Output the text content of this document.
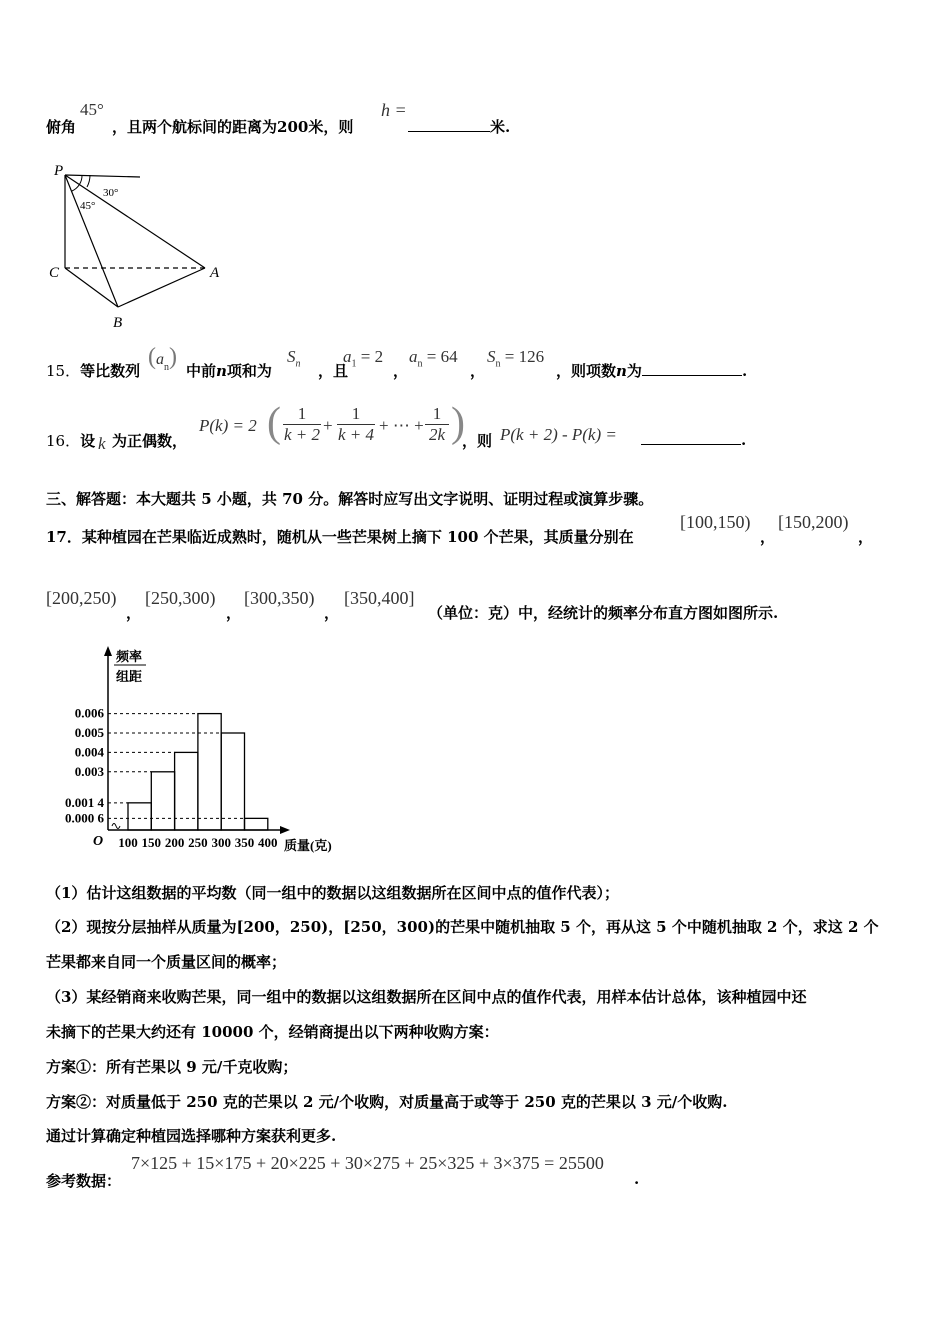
俯角
45°
，且两个航标间的距离为200米，则
h =
米.
P
C	A
B
30°
45°
15．等比数列
$(a_n)$
中前n项和为
$S_n$ ，且
$a_1 = 2$
，
$a_n = 64$
，
$S_n = 126$
，则项数n为	.
16．设 k 为正偶数，
P(k) = 2 ( 1
k + 2 +
1
k + 4 + ⋯ +
1
2k )
，则 P(k + 2) - P(k) =	.
三、解答题：本大题共 5 小题，共 70 分。解答时应写出文字说明、证明过程或演算步骤。
17．某种植园在芒果临近成熟时，随机从一些芒果树上摘下 100 个芒果，其质量分别在
[100,150)
，
[150,200)
，
[200,250)
，
[250,300)
，
[300,350)
，
[350,400]
（单位：克）中，经统计的频率分布直方图如图所示.
频率
组距
O	质量(克)
0.006
0.005
0.004
0.003
0.001 4
0.000 6
100 150 200 250 300 350 400
（1）估计这组数据的平均数（同一组中的数据以这组数据所在区间中点的值作代表）；
（2）现按分层抽样从质量为[200，250)，[250，300)的芒果中随机抽取 5 个，再从这 5 个中随机抽取 2 个，求这 2 个
芒果都来自同一个质量区间的概率；
（3）某经销商来收购芒果，同一组中的数据以这组数据所在区间中点的值作代表，用样本估计总体，该种植园中还
未摘下的芒果大约还有 10000 个，经销商提出以下两种收购方案：
方案①：所有芒果以 9 元/千克收购；
方案②：对质量低于 250 克的芒果以 2 元/个收购，对质量高于或等于 250 克的芒果以 3 元/个收购.
通过计算确定种植园选择哪种方案获利更多.
参考数据：
7×125 + 15×175 + 20×225 + 30×275 + 25×325 + 3×375 = 25500
.
